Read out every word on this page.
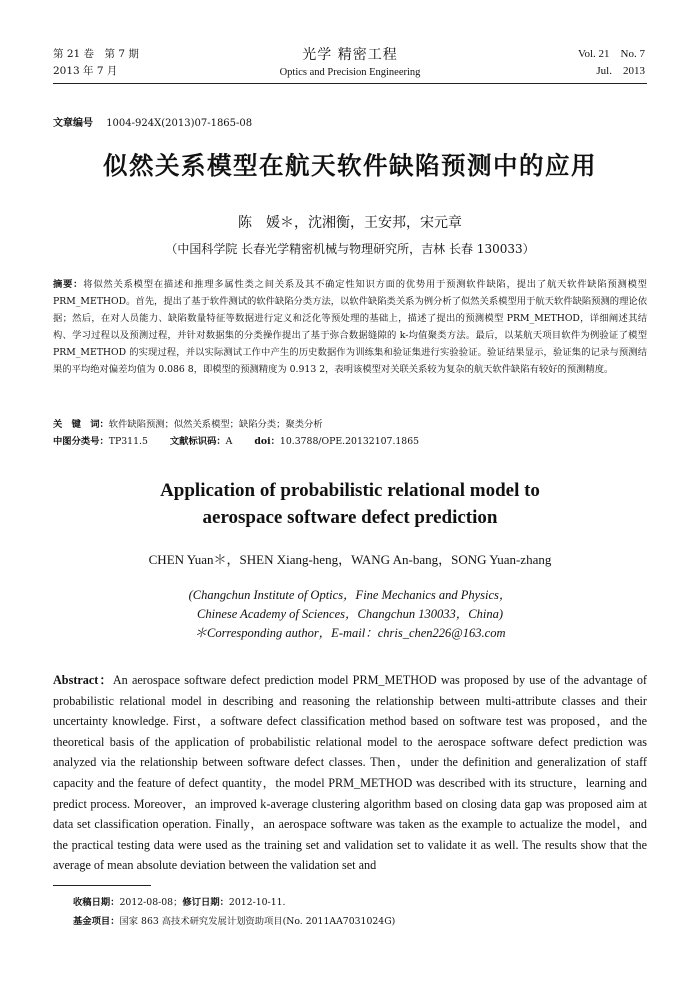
第 21 卷　第 7 期
2013 年 7 月
光学 精密工程
Optics and Precision Engineering
Vol. 21　No. 7
Jul.　2013
文章编号 1004-924X(2013)07-1865-08
似然关系模型在航天软件缺陷预测中的应用
陈　媛＊，沈湘衡，王安邦，宋元章
（中国科学院 长春光学精密机械与物理研究所，吉林 长春 130033）
摘要：将似然关系模型在描述和推理多属性类之间关系及其不确定性知识方面的优势用于预测软件缺陷，提出了航天软件缺陷预测模型 PRM_METHOD。首先，提出了基于软件测试的软件缺陷分类方法，以软件缺陷类关系为例分析了似然关系模型用于航天软件缺陷预测的理论依据；然后，在对人员能力、缺陷数量特征等数据进行定义和泛化等预处理的基础上，描述了提出的预测模型 PRM_METHOD，详细阐述其结构、学习过程以及预测过程，并针对数据集的分类操作提出了基于弥合数据缝隙的 k-均值聚类方法。最后，以某航天项目软件为例验证了模型 PRM_METHOD 的实现过程，并以实际测试工作中产生的历史数据作为训练集和验证集进行实验验证。验证结果显示，验证集的记录与预测结果的平均绝对偏差均值为 0.086 8，即模型的预测精度为 0.913 2，表明该模型对关联关系较为复杂的航天软件缺陷有较好的预测精度。
关　键　词：软件缺陷预测；似然关系模型；缺陷分类；聚类分析
中图分类号：TP311.5 文献标识码：A doi：10.3788/OPE.20132107.1865
Application of probabilistic relational model to
aerospace software defect prediction
CHEN Yuan＊，SHEN Xiang-heng，WANG An-bang，SONG Yuan-zhang
(Changchun Institute of Optics，Fine Mechanics and Physics，
Chinese Academy of Sciences，Changchun 130033，China)
＊Corresponding author，E-mail：chris_chen226@163.com
Abstract：An aerospace software defect prediction model PRM_METHOD was proposed by use of the advantage of probabilistic relational model in describing and reasoning the relationship between multi-attribute classes and their uncertainty knowledge. First，a software defect classification method based on software test was proposed，and the theoretical basis of the application of probabilistic relational model to the aerospace software defect prediction was analyzed via the relationship between software defect classes. Then，under the definition and generalization of staff capacity and the feature of defect quantity，the model PRM_METHOD was described with its structure，learning and predict process. Moreover，an improved k-average clustering algorithm based on closing data gap was proposed aim at data set classification operation. Finally，an aerospace software was taken as the example to actualize the model，and the practical testing data were used as the training set and validation set to validate it as well. The results show that the average of mean absolute deviation between the validation set and
收稿日期：2012-08-08；修订日期：2012-10-11.
基金项目：国家 863 高技术研究发展计划资助项目(No. 2011AA7031024G)
